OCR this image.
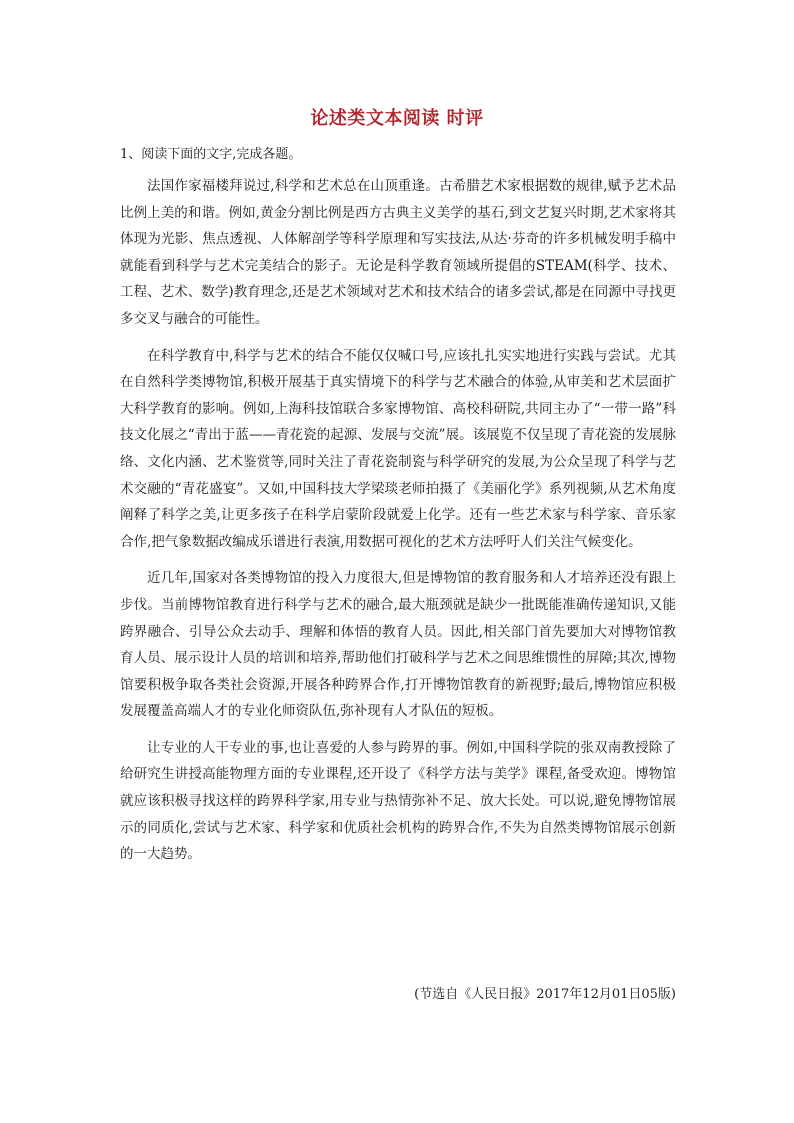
论述类文本阅读 时评
1、阅读下面的文字,完成各题。

法国作家福楼拜说过,科学和艺术总在山顶重逢。古希腊艺术家根据数的规律,赋予艺术品比例上美的和谐。例如,黄金分割比例是西方古典主义美学的基石,到文艺复兴时期,艺术家将其体现为光影、焦点透视、人体解剖学等科学原理和写实技法,从达·芬奇的许多机械发明手稿中就能看到科学与艺术完美结合的影子。无论是科学教育领域所提倡的STEAM(科学、技术、工程、艺术、数学)教育理念,还是艺术领域对艺术和技术结合的诸多尝试,都是在同源中寻找更多交叉与融合的可能性。

在科学教育中,科学与艺术的结合不能仅仅喊口号,应该扎扎实实地进行实践与尝试。尤其在自然科学类博物馆,积极开展基于真实情境下的科学与艺术融合的体验,从审美和艺术层面扩大科学教育的影响。例如,上海科技馆联合多家博物馆、高校科研院,共同主办了“一带一路”科技文化展之“青出于蓝——青花瓷的起源、发展与交流”展。该展览不仅呈现了青花瓷的发展脉络、文化内涵、艺术鉴赏等,同时关注了青花瓷制瓷与科学研究的发展,为公众呈现了科学与艺术交融的“青花盛宴”。又如,中国科技大学梁琰老师拍摄了《美丽化学》系列视频,从艺术角度阐释了科学之美,让更多孩子在科学启蒙阶段就爱上化学。还有一些艺术家与科学家、音乐家合作,把气象数据改编成乐谱进行表演,用数据可视化的艺术方法呼吁人们关注气候变化。

近几年,国家对各类博物馆的投入力度很大,但是博物馆的教育服务和人才培养还没有跟上步伐。当前博物馆教育进行科学与艺术的融合,最大瓶颈就是缺少一批既能准确传递知识,又能跨界融合、引导公众去动手、理解和体悟的教育人员。因此,相关部门首先要加大对博物馆教育人员、展示设计人员的培训和培养,帮助他们打破科学与艺术之间思维惯性的屏障;其次,博物馆要积极争取各类社会资源,开展各种跨界合作,打开博物馆教育的新视野;最后,博物馆应积极发展覆盖高端人才的专业化师资队伍,弥补现有人才队伍的短板。

让专业的人干专业的事,也让喜爱的人参与跨界的事。例如,中国科学院的张双南教授除了给研究生讲授高能物理方面的专业课程,还开设了《科学方法与美学》课程,备受欢迎。博物馆就应该积极寻找这样的跨界科学家,用专业与热情弥补不足、放大长处。可以说,避免博物馆展示的同质化,尝试与艺术家、科学家和优质社会机构的跨界合作,不失为自然类博物馆展示创新的一大趋势。

(节选自《人民日报》2017年12月01日05版)
